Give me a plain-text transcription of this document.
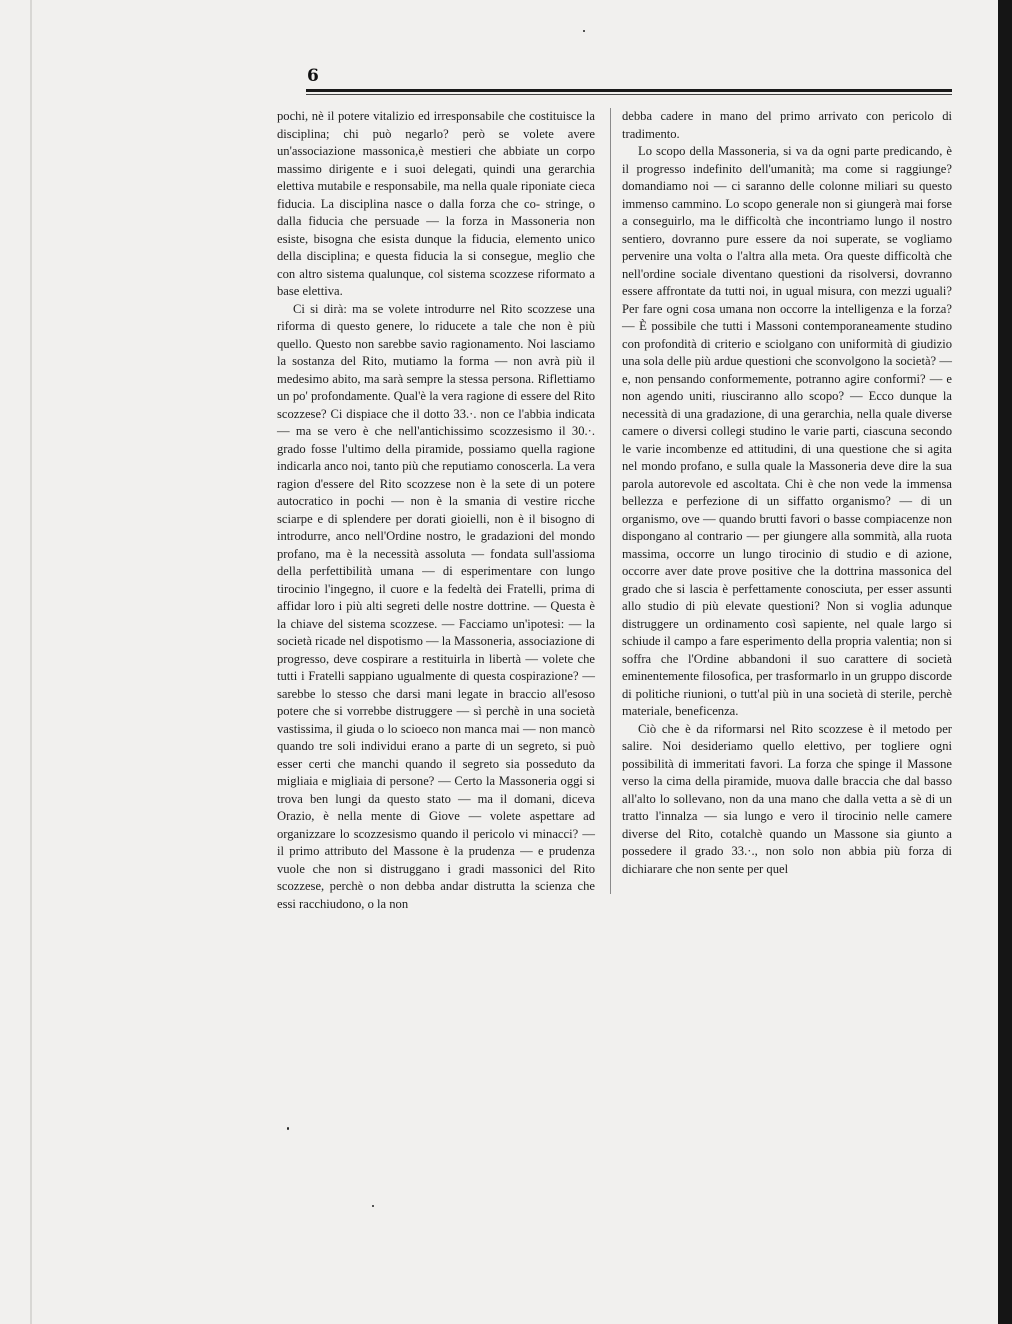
6

pochi, nè il potere vitalizio ed irresponsabile che costituisce la disciplina; chi può negarlo? però se volete avere un'associazione massonica,è mestieri che abbiate un corpo massimo dirigente e i suoi delegati, quindi una gerarchia elettiva mutabile e responsabile, ma nella quale riponiate cieca fiducia. La disciplina nasce o dalla forza che co- stringe, o dalla fiducia che persuade — la forza in Massoneria non esiste, bisogna che esista dunque la fiducia, elemento unico della disciplina; e questa fiducia la si consegue, meglio che con altro sistema qualunque, col sistema scozzese riformato a base elettiva.

Ci si dirà: ma se volete introdurre nel Rito scozzese una riforma di questo genere, lo riducete a tale che non è più quello. Questo non sarebbe savio ragionamento. Noi lasciamo la sostanza del Rito, mutiamo la forma — non avrà più il medesimo abito, ma sarà sempre la stessa persona. Riflettiamo un po' profondamente. Qual'è la vera ragione di essere del Rito scozzese? Ci dispiace che il dotto 33.·. non ce l'abbia indicata — ma se vero è che nell'antichissimo scozzesismo il 30.·. grado fosse l'ultimo della piramide, possiamo quella ragione indicarla anco noi, tanto più che reputiamo conoscerla. La vera ragion d'essere del Rito scozzese non è la sete di un potere autocratico in pochi — non è la smania di vestire ricche sciarpe e di splendere per dorati gioielli, non è il bisogno di introdurre, anco nell'Ordine nostro, le gradazioni del mondo profano, ma è la necessità assoluta — fondata sull'assioma della perfettibilità umana — di esperimentare con lungo tirocinio l'ingegno, il cuore e la fedeltà dei Fratelli, prima di affidar loro i più alti segreti delle nostre dottrine. — Questa è la chiave del sistema scozzese. — Facciamo un'ipotesi: — la società ricade nel dispotismo — la Massoneria, associazione di progresso, deve cospirare a restituirla in libertà — volete che tutti i Fratelli sappiano ugualmente di questa cospirazione? — sarebbe lo stesso che darsi mani legate in braccio all'esoso potere che si vorrebbe distruggere — sì perchè in una società vastissima, il giuda o lo scioeco non manca mai — non mancò quando tre soli individui erano a parte di un segreto, si può esser certi che manchi quando il segreto sia posseduto da migliaia e migliaia di persone? — Certo la Massoneria oggi si trova ben lungi da questo stato — ma il domani, diceva Orazio, è nella mente di Giove — volete aspettare ad organizzare lo scozzesismo quando il pericolo vi minacci? — il primo attributo del Massone è la prudenza — e prudenza vuole che non si distruggano i gradi massonici del Rito scozzese, perchè o non debba andar distrutta la scienza che essi racchiudono, o la non

debba cadere in mano del primo arrivato con pericolo di tradimento.

Lo scopo della Massoneria, si va da ogni parte predicando, è il progresso indefinito dell'umanità; ma come si raggiunge? domandiamo noi — ci saranno delle colonne miliari su questo immenso cammino. Lo scopo generale non si giungerà mai forse a conseguirlo, ma le difficoltà che incontriamo lungo il nostro sentiero, dovranno pure essere da noi superate, se vogliamo pervenire una volta o l'altra alla meta. Ora queste difficoltà che nell'ordine sociale diventano questioni da risolversi, dovranno essere affrontate da tutti noi, in ugual misura, con mezzi uguali? Per fare ogni cosa umana non occorre la intelligenza e la forza? — È possibile che tutti i Massoni contemporaneamente studino con profondità di criterio e sciolgano con uniformità di giudizio una sola delle più ardue questioni che sconvolgono la società? — e, non pensando conformemente, potranno agire conformi? — e non agendo uniti, riusciranno allo scopo? — Ecco dunque la necessità di una gradazione, di una gerarchia, nella quale diverse camere o diversi collegi studino le varie parti, ciascuna secondo le varie incombenze ed attitudini, di una questione che si agita nel mondo profano, e sulla quale la Massoneria deve dire la sua parola autorevole ed ascoltata. Chi è che non vede la immensa bellezza e perfezione di un siffatto organismo? — di un organismo, ove — quando brutti favori o basse compiacenze non dispongano al contrario — per giungere alla sommità, alla ruota massima, occorre un lungo tirocinio di studio e di azione, occorre aver date prove positive che la dottrina massonica del grado che si lascia è perfettamente conosciuta, per esser assunti allo studio di più elevate questioni? Non si voglia adunque distruggere un ordinamento così sapiente, nel quale largo si schiude il campo a fare esperimento della propria valentia; non si soffra che l'Ordine abbandoni il suo carattere di società eminentemente filosofica, per trasformarlo in un gruppo discorde di politiche riunioni, o tutt'al più in una società di sterile, perchè materiale, beneficenza.

Ciò che è da riformarsi nel Rito scozzese è il metodo per salire. Noi desideriamo quello elettivo, per togliere ogni possibilità di immeritati favori. La forza che spinge il Massone verso la cima della piramide, muova dalle braccia che dal basso all'alto lo sollevano, non da una mano che dalla vetta a sè di un tratto l'innalza — sia lungo e vero il tirocinio nelle camere diverse del Rito, cotalchè quando un Massone sia giunto a possedere il grado 33.·., non solo non abbia più forza di dichiarare che non sente per quel
